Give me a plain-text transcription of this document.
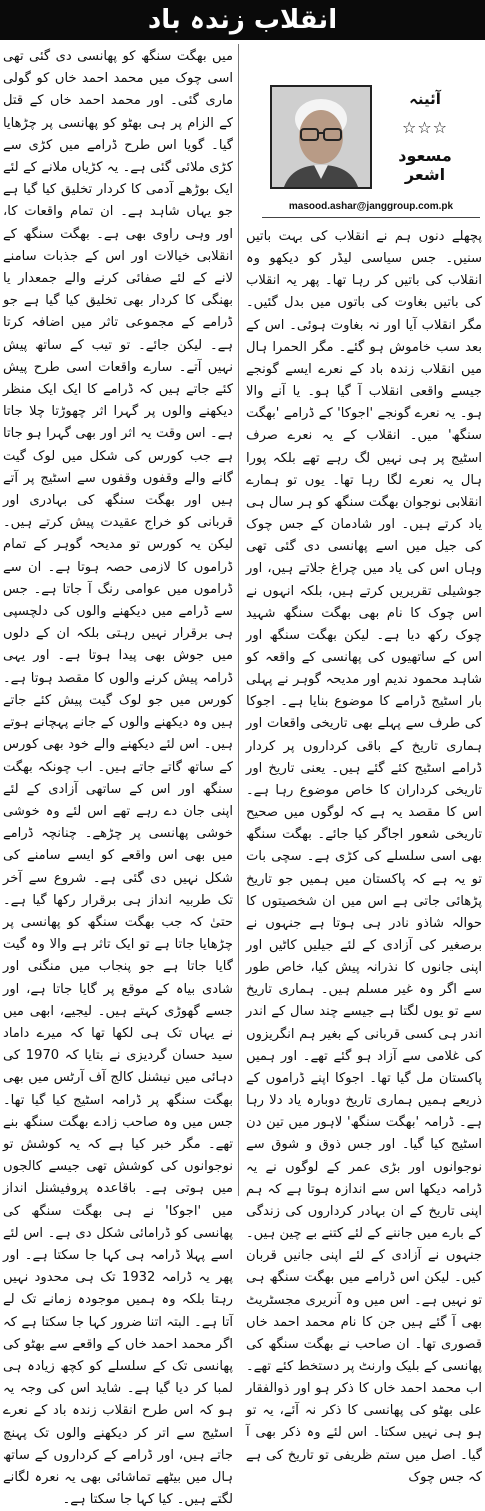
انقلاب زندہ باد

میں بھگت سنگھ کو پھانسی دی گئی تھی اسی چوک میں محمد احمد خاں کو گولی ماری گئی۔ اور محمد احمد خاں کے قتل کے الزام پر ہی بھٹو کو پھانسی پر چڑھایا گیا۔ گویا اس طرح ڈرامے میں کڑی سے کڑی ملائی گئی ہے۔ یہ کڑیاں ملانے کے لئے ایک بوڑھے آدمی کا کردار تخلیق کیا گیا ہے جو یہاں شاہد ہے۔ ان تمام واقعات کا، اور وہی راوی بھی ہے۔ بھگت سنگھ کے انقلابی خیالات اور اس کے جذبات سامنے لانے کے لئے صفائی کرنے والے جمعدار یا بھنگی کا کردار بھی تخلیق کیا گیا ہے جو ڈرامے کے مجموعی تاثر میں اضافہ کرتا ہے۔ لیکن جائے۔ تو تیب کے ساتھ پیش نہیں آتے۔ سارے واقعات اسی طرح پیش کئے جاتے ہیں کہ ڈرامے کا ایک ایک منظر دیکھنے والوں پر گہرا اثر چھوڑتا چلا جاتا ہے۔ اس وقت یہ اثر اور بھی گہرا ہو جاتا ہے جب کورس کی شکل میں لوک گیت گانے والے وقفوں وقفوں سے اسٹیج پر آتے ہیں اور بھگت سنگھ کی بہادری اور قربانی کو خراج عقیدت پیش کرتے ہیں۔ لیکن یہ کورس تو مدیحہ گوہر کے تمام ڈراموں کا لازمی حصہ ہوتا ہے۔ ان سے ڈراموں میں عوامی رنگ آ جاتا ہے۔ جس سے ڈرامے میں دیکھنے والوں کی دلچسپی ہی برقرار نہیں رہتی بلکہ ان کے دلوں میں جوش بھی پیدا ہوتا ہے۔ اور یہی ڈرامہ پیش کرنے والوں کا مقصد ہوتا ہے۔ کورس میں جو لوک گیت پیش کئے جاتے ہیں وہ دیکھنے والوں کے جانے پہچانے ہوتے ہیں۔ اس لئے دیکھنے والے خود بھی کورس کے ساتھ گاتے جاتے ہیں۔ اب چونکہ بھگت سنگھ اور اس کے ساتھی آزادی کے لئے اپنی جان دے رہے تھے اس لئے وہ خوشی خوشی پھانسی پر چڑھے۔ چنانچہ ڈرامے میں بھی اس واقعے کو ایسے سامنے کی شکل نہیں دی گئی ہے۔ شروع سے آخر تک طربیہ انداز ہی برقرار رکھا گیا ہے۔ حتیٰ کہ جب بھگت سنگھ کو پھانسی پر چڑھایا جاتا ہے تو ایک تاثر ہے والا وہ گیت گایا جاتا ہے جو پنجاب میں منگنی اور شادی بیاہ کے موقع پر گایا جاتا ہے، اور جسے گھوڑی کہتے ہیں۔ لیجیے، ابھی میں نے یہاں تک ہی لکھا تھا کہ میرے داماد سید حسان گردیزی نے بتایا کہ 1970 کی دہائی میں نیشنل کالج آف آرٹس میں بھی بھگت سنگھ پر ڈرامہ اسٹیج کیا گیا تھا۔ جس میں وہ صاحب زادے بھگت سنگھ بنے تھے۔ مگر خبر کیا ہے کہ یہ کوشش تو نوجوانوں کی کوشش تھی جیسے کالجوں میں ہوتی ہے۔ باقاعدہ پروفیشنل انداز میں 'اجوکا' نے ہی بھگت سنگھ کی پھانسی کو ڈرامائی شکل دی ہے۔ اس لئے اسے پہلا ڈرامہ ہی کہا جا سکتا ہے۔ اور پھر یہ ڈرامہ 1932 تک ہی محدود نہیں رہتا بلکہ وہ ہمیں موجودہ زمانے تک لے آتا ہے۔ البتہ اتنا ضرور کہا جا سکتا ہے کہ اگر محمد احمد خاں کے واقعے سے بھٹو کی پھانسی تک کے سلسلے کو کچھ زیادہ ہی لمبا کر دیا گیا ہے۔ شاید اس کی وجہ یہ ہو کہ اس طرح انقلاب زندہ باد کے نعرے اسٹیج سے اتر کر دیکھنے والوں تک پہنچ جاتے ہیں، اور ڈرامے کے کرداروں کے ساتھ ہال میں بیٹھے تماشائی بھی یہ نعرہ لگانے لگتے ہیں۔ کیا کہا جا سکتا ہے۔

آئینہ
☆☆☆
مسعود اشعر
masood.ashar@janggroup.com.pk

پچھلے دنوں ہم نے انقلاب کی بہت باتیں سنیں۔ جس سیاسی لیڈر کو دیکھو وہ انقلاب کی باتیں کر رہا تھا۔ پھر یہ انقلاب کی باتیں بغاوت کی باتوں میں بدل گئیں۔ مگر انقلاب آیا اور نہ بغاوت ہوئی۔ اس کے بعد سب خاموش ہو گئے۔ مگر الحمرا ہال میں انقلاب زندہ باد کے نعرے ایسے گونجے جیسے واقعی انقلاب آ گیا ہو۔ یا آنے والا ہو۔ یہ نعرے گونجے 'اجوکا' کے ڈرامے 'بھگت سنگھ' میں۔ انقلاب کے یہ نعرے صرف اسٹیج پر ہی نہیں لگ رہے تھے بلکہ پورا ہال یہ نعرے لگا رہا تھا۔ یوں تو ہمارے انقلابی نوجوان بھگت سنگھ کو ہر سال ہی یاد کرتے ہیں۔ اور شادمان کے جس چوک کی جیل میں اسے پھانسی دی گئی تھی وہاں اس کی یاد میں چراغ جلاتے ہیں، اور جوشیلی تقریریں کرتے ہیں، بلکہ انہوں نے اس چوک کا نام بھی بھگت سنگھ شہید چوک رکھ دیا ہے۔ لیکن بھگت سنگھ اور اس کے ساتھیوں کی پھانسی کے واقعہ کو شاہد محمود ندیم اور مدیحہ گوہر نے پہلی بار اسٹیج ڈرامے کا موضوع بنایا ہے۔ اجوکا کی طرف سے پہلے بھی تاریخی واقعات اور ہماری تاریخ کے باقی کرداروں پر کردار ڈرامے اسٹیج کئے گئے ہیں۔ یعنی تاریخ اور تاریخی کرداران کا خاص موضوع رہا ہے۔ اس کا مقصد یہ ہے کہ لوگوں میں صحیح تاریخی شعور اجاگر کیا جائے۔ بھگت سنگھ بھی اسی سلسلے کی کڑی ہے۔ سچی بات تو یہ ہے کہ پاکستان میں ہمیں جو تاریخ پڑھائی جاتی ہے اس میں ان شخصیتوں کا حوالہ شاذو نادر ہی ہوتا ہے جنہوں نے برصغیر کی آزادی کے لئے جیلیں کاٹیں اور اپنی جانوں کا نذرانہ پیش کیا، خاص طور سے اگر وہ غیر مسلم ہیں۔ ہماری تاریخ سے تو یوں لگتا ہے جیسے چند سال کے اندر اندر ہی کسی قربانی کے بغیر ہم انگریزوں کی غلامی سے آزاد ہو گئے تھے۔ اور ہمیں پاکستان مل گیا تھا۔ اجوکا اپنے ڈراموں کے ذریعے ہمیں ہماری تاریخ دوبارہ یاد دلا رہا ہے۔ ڈرامہ 'بھگت سنگھ' لاہور میں تین دن اسٹیج کیا گیا۔ اور جس ذوق و شوق سے نوجوانوں اور بڑی عمر کے لوگوں نے یہ ڈرامہ دیکھا اس سے اندازہ ہوتا ہے کہ ہم اپنی تاریخ کے ان بہادر کرداروں کی زندگی کے بارے میں جاننے کے لئے کتنے بے چین ہیں۔ جنہوں نے آزادی کے لئے اپنی جانیں قربان کیں۔ لیکن اس ڈرامے میں بھگت سنگھ ہی تو نہیں ہے۔ اس میں وہ آنریری مجسٹریٹ بھی آ گئے ہیں جن کا نام محمد احمد خاں قصوری تھا۔ ان صاحب نے بھگت سنگھ کی پھانسی کے بلیک وارنٹ پر دستخط کئے تھے۔ اب محمد احمد خاں کا ذکر ہو اور ذوالفقار علی بھٹو کی پھانسی کا ذکر نہ آئے، یہ تو ہو ہی نہیں سکتا۔ اس لئے وہ ذکر بھی آ گیا۔ اصل میں ستم ظریفی تو تاریخ کی ہے کہ جس چوک
